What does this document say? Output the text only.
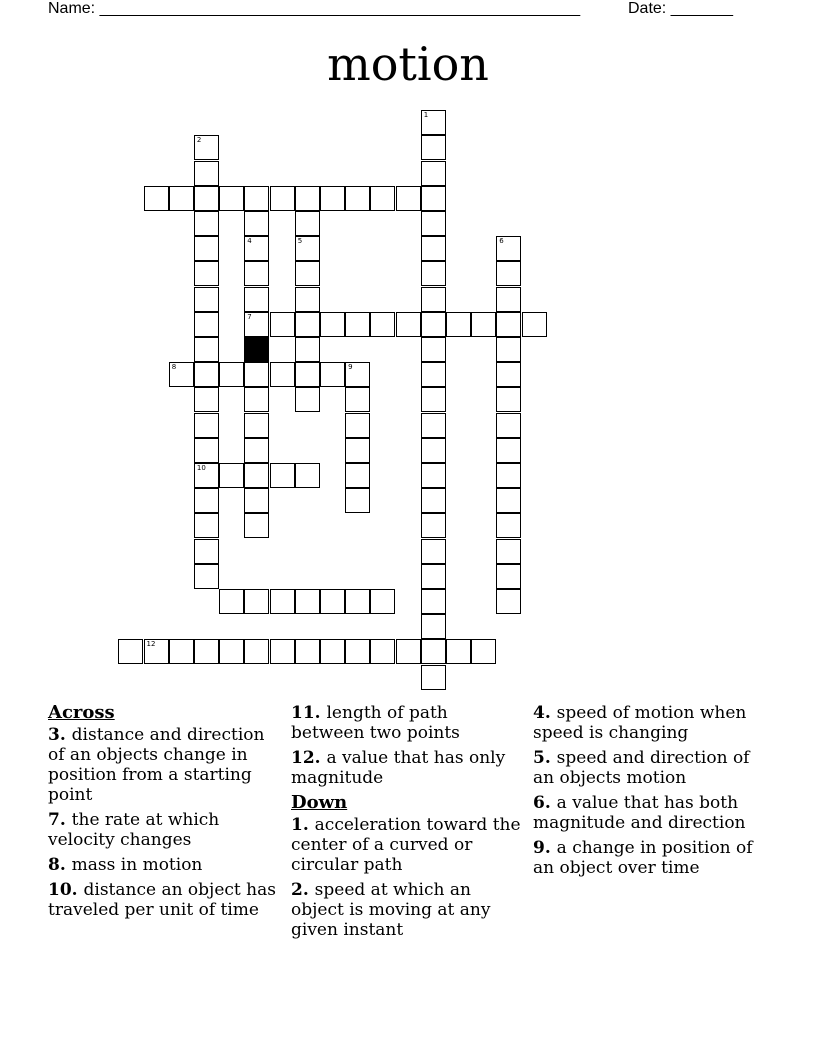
Name: ______________________________________________________	Date: _______
motion
1
2
10
4
7
5	6
8	9
12
Across
3. distance and direction of an objects change in position from a starting point
7. the rate at which velocity changes
8. mass in motion
10. distance an object has traveled per unit of time
11. length of path between two points
12. a value that has only magnitude
Down
1. acceleration toward the center of a curved or circular path
2. speed at which an object is moving at any given instant
4. speed of motion when speed is changing
5. speed and direction of an objects motion
6. a value that has both magnitude and direction
9. a change in position of an object over time
